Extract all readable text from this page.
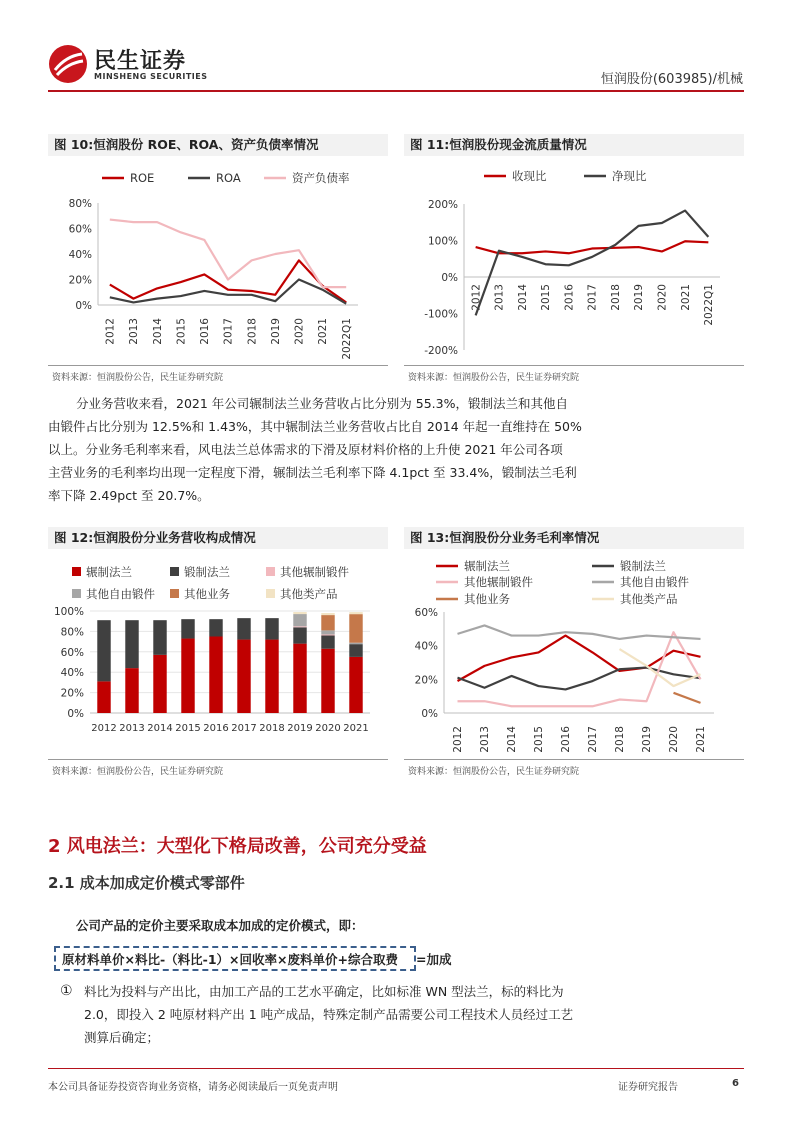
民生证券
MINSHENG SECURITIES	恒润股份(603985)/机械
图 10:恒润股份 ROE、ROA、资产负债率情况
ROE	ROA	资产负债率
80%
60%
40%
20%
0%
2012 2013 2014 2015 2016 2017 2018 2019 2020 2021 2022Q1
资料来源：恒润股份公告，民生证券研究院
图 11:恒润股份现金流质量情况
收现比	净现比
200%
100%
0%
-100%
-200%
2012 2013 2014 2015 2016 2017 2018 2019 2020 2021 2022Q1
资料来源：恒润股份公告，民生证券研究院
分业务营收来看，2021 年公司辗制法兰业务营收占比分别为 55.3%，锻制法兰和其他自
由锻件占比分别为 12.5%和 1.43%，其中辗制法兰业务营收占比自 2014 年起一直维持在 50%
以上。分业务毛利率来看，风电法兰总体需求的下滑及原材料价格的上升使 2021 年公司各项
主营业务的毛利率均出现一定程度下滑，辗制法兰毛利率下降 4.1pct 至 33.4%，锻制法兰毛利
率下降 2.49pct 至 20.7%。
图 12:恒润股份分业务营收构成情况
辗制法兰	锻制法兰	其他辗制锻件
其他自由锻件	其他业务	其他类产品
100%
80%
60%
40%
20%
0%
2012 2013 2014 2015 2016 2017 2018 2019 2020 2021
资料来源：恒润股份公告，民生证券研究院
图 13:恒润股份分业务毛利率情况
辗制法兰	锻制法兰
其他辗制锻件	其他自由锻件
其他业务	其他类产品
60%
40%
20%
0%
2012 2013 2014 2015 2016 2017 2018 2019 2020 2021
资料来源：恒润股份公告，民生证券研究院
2 风电法兰：大型化下格局改善，公司充分受益
2.1 成本加成定价模式零部件
公司产品的定价主要采取成本加成的定价模式，即：
原材料单价×料比-（料比-1）×回收率×废料单价+综合取费	=加成
① 料比为投料与产出比，由加工产品的工艺水平确定，比如标准 WN 型法兰，标的料比为
2.0，即投入 2 吨原材料产出 1 吨产成品，特殊定制产品需要公司工程技术人员经过工艺
测算后确定；
本公司具备证券投资咨询业务资格，请务必阅读最后一页免责声明	证券研究报告	6
